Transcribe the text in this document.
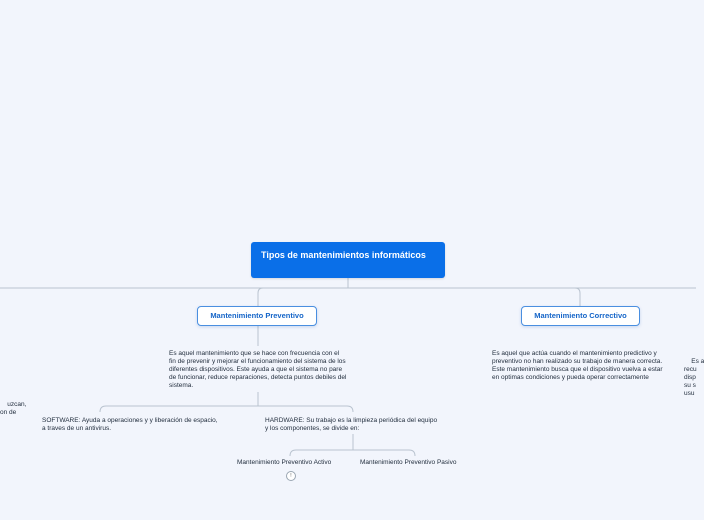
Tipos de mantenimientos informáticos
Mantenimiento Preventivo	Mantenimiento Correctivo
Es aquel mantenimiento que se hace con frecuencia con el fin de prevenir y mejorar el funcionamiento del sistema de los diferentes dispositivos. Este ayuda a que el sistema no pare de funcionar, reduce reparaciones, detecta puntos debiles del sistema.
Es aquel que actúa cuando el mantenimiento predictivo y preventivo no han realizado su trabajo de manera correcta. Este mantenimiento busca que el dispositivo vuelva a estar en optimas condiciones y pueda operar correctamente
SOFTWARE: Ayuda a operaciones y y liberación de espacio, a traves de un antivirus.
HARDWARE: Su trabajo es la limpieza periódica del equipo y los componentes, se divide en:
Mantenimiento Preventivo Activo
!
Mantenimiento Preventivo Pasivo

uzcan,
on de

Es a
recu
disp
su s
usu
